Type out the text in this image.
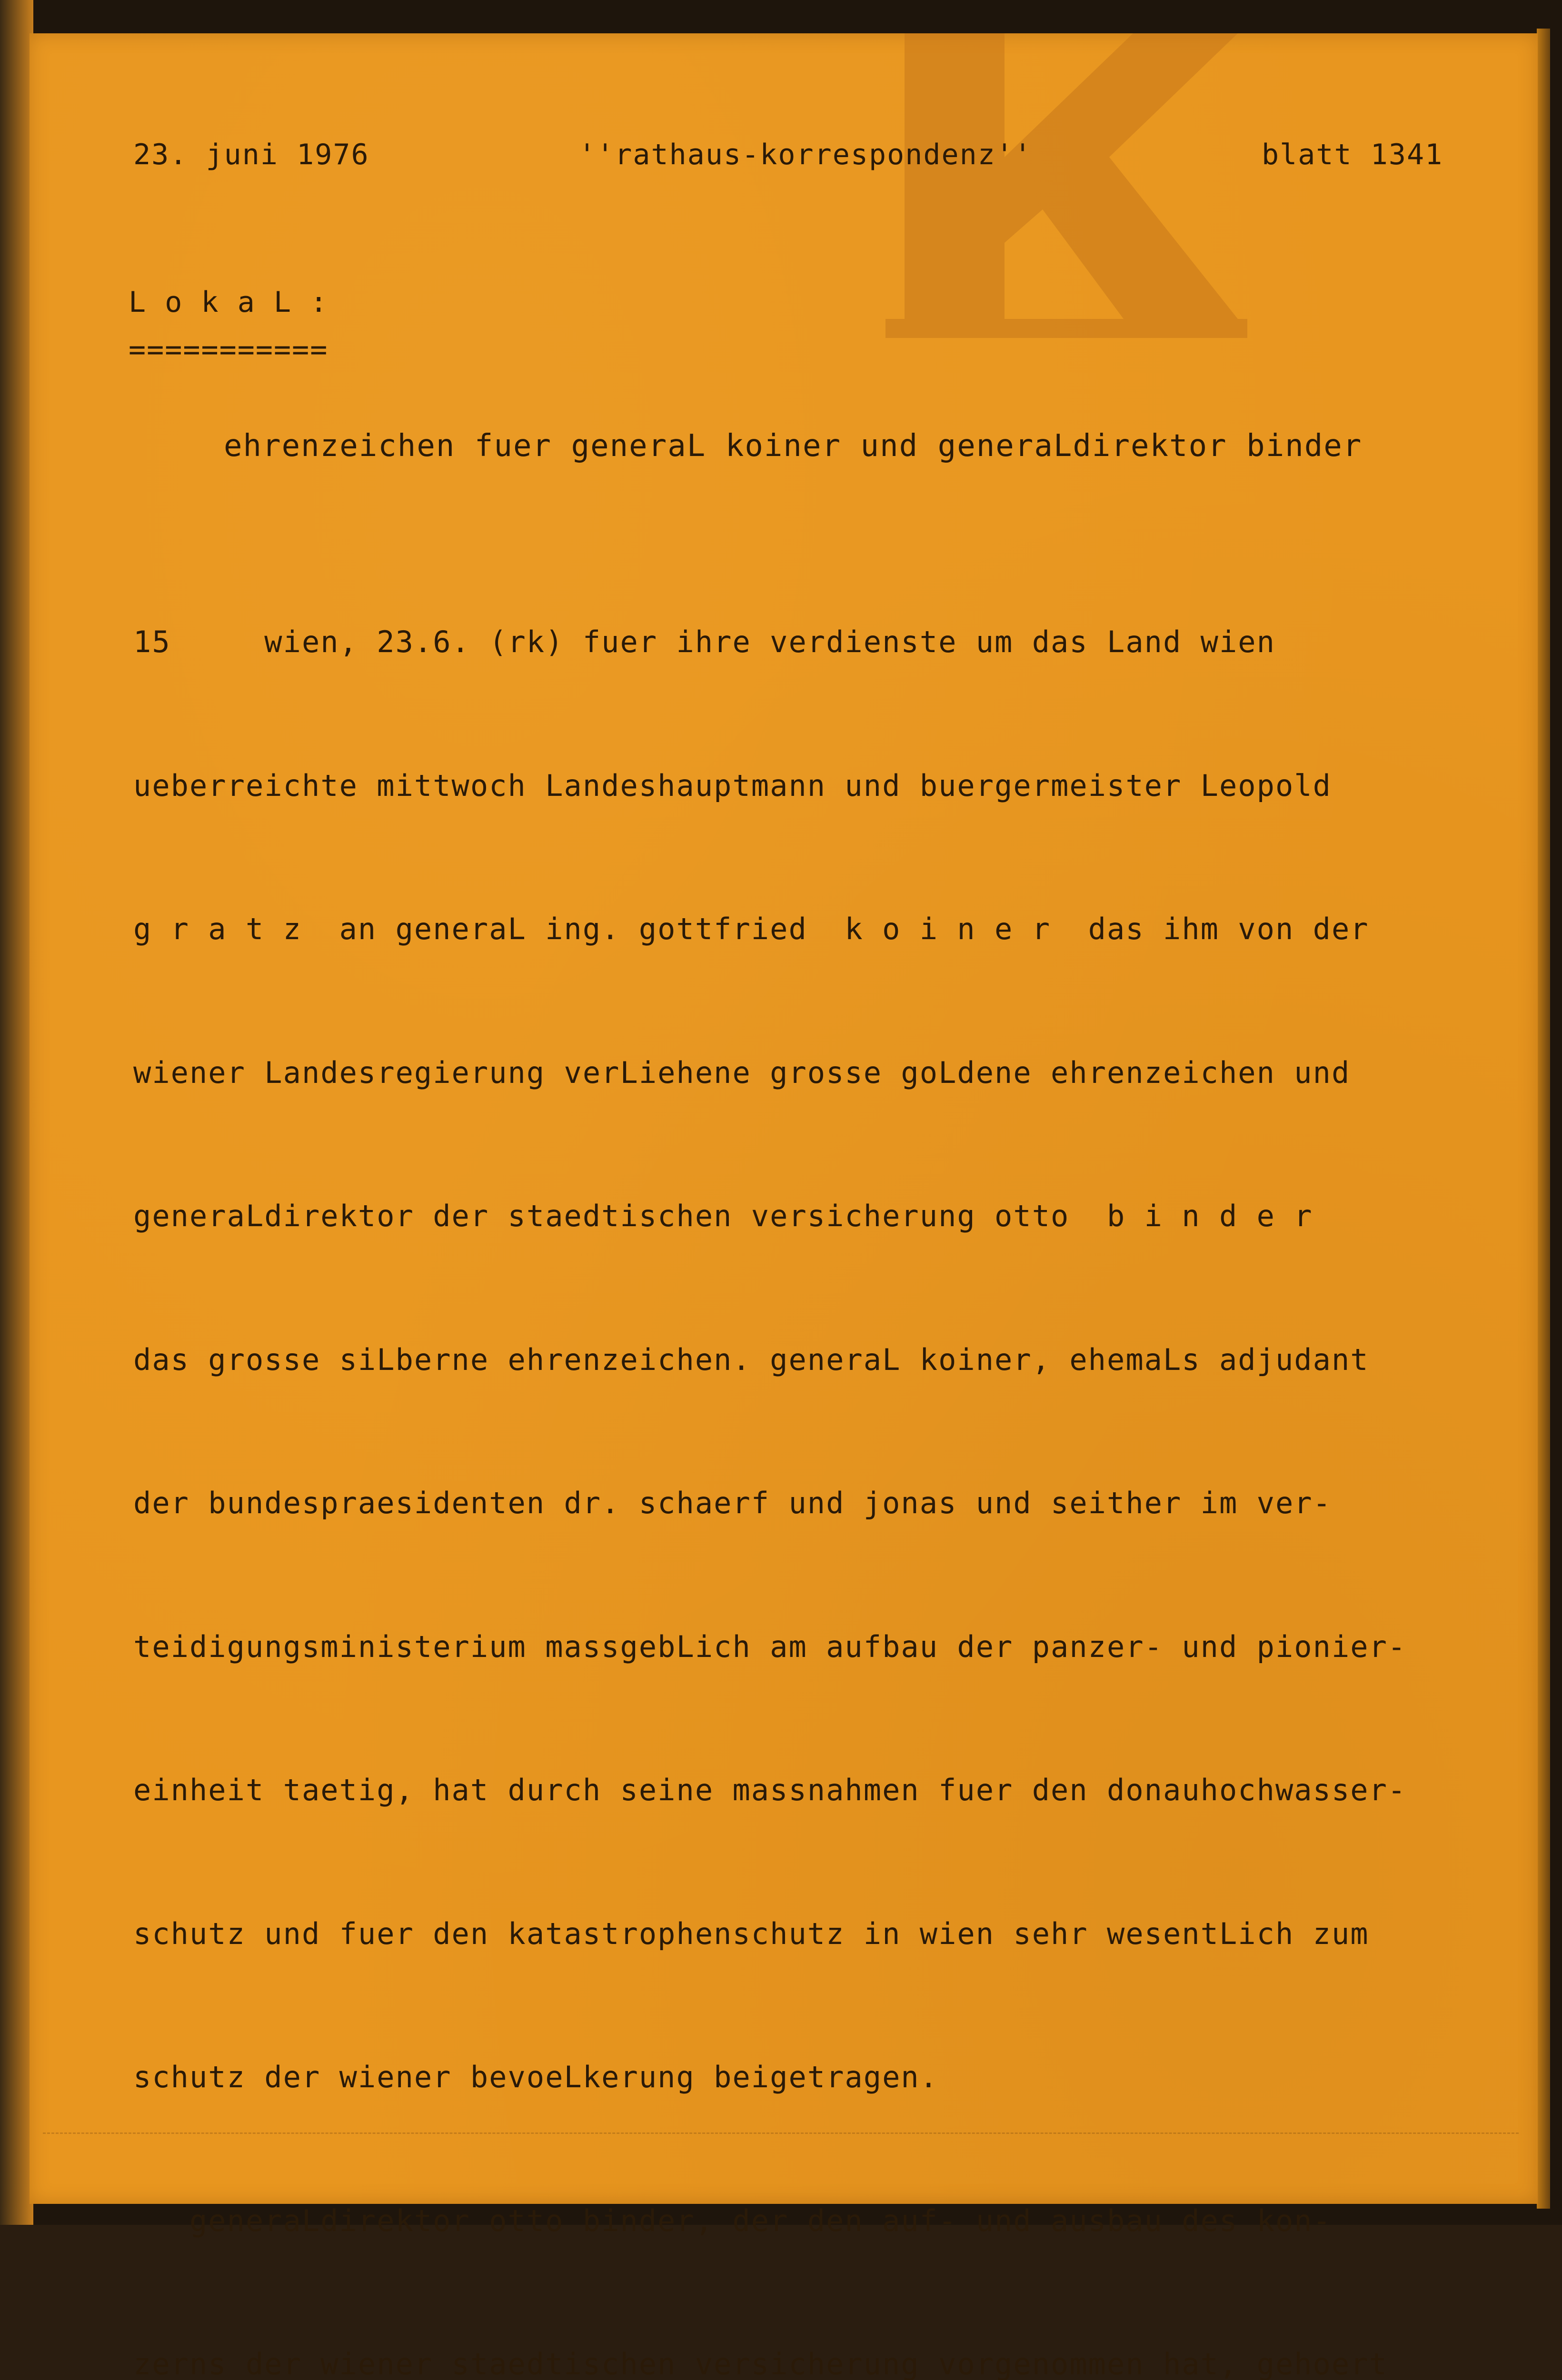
23. juni 1976	''rathaus-korrespondenz''	blatt 1341
L o k a L :
===========
ehrenzeichen fuer generaL koiner und generaLdirektor binder

15     wien, 23.6. (rk) fuer ihre verdienste um das Land wien

ueberreichte mittwoch Landeshauptmann und buergermeister Leopold

g r a t z  an generaL ing. gottfried  k o i n e r  das ihm von der

wiener Landesregierung verLiehene grosse goLdene ehrenzeichen und

generaLdirektor der staedtischen versicherung otto  b i n d e r

das grosse siLberne ehrenzeichen. generaL koiner, ehemaLs adjudant

der bundespraesidenten dr. schaerf und jonas und seither im ver-

teidigungsministerium massgebLich am aufbau der panzer- und pionier-

einheit taetig, hat durch seine massnahmen fuer den donauhochwasser-

schutz und fuer den katastrophenschutz in wien sehr wesentLich zum

schutz der wiener bevoeLkerung beigetragen.

generaLdirektor otto binder, der den auf- und ausbau des kon-

zerns der wiener staedtischen versicherung vorgenommen hat, gehoert
